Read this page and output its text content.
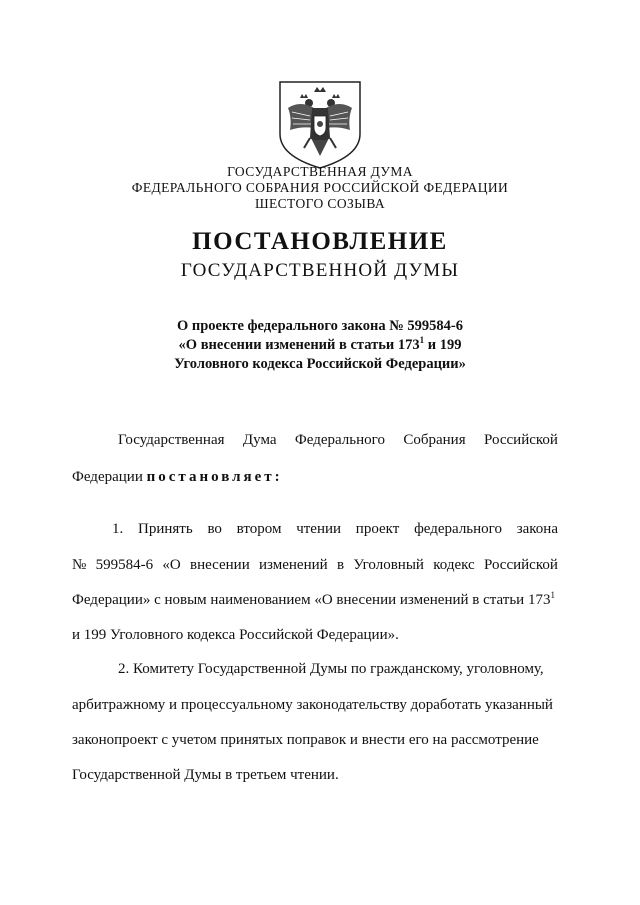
ГОСУДАРСТВЕННАЯ ДУМА
ФЕДЕРАЛЬНОГО СОБРАНИЯ РОССИЙСКОЙ ФЕДЕРАЦИИ
ШЕСТОГО СОЗЫВА
ПОСТАНОВЛЕНИЕ
ГОСУДАРСТВЕННОЙ ДУМЫ
О проекте федерального закона № 599584-6
«О внесении изменений в статьи $173^1$ и 199
Уголовного кодекса Российской Федерации»
Государственная Дума Федерального Собрания Российской
Федерации постановляет:
1. Принять во втором чтении проект федерального закона
№ 599584-6 «О внесении изменений в Уголовный кодекс Российской
Федерации» с новым наименованием «О внесении изменений в статьи $173^1$
и 199 Уголовного кодекса Российской Федерации».
2. Комитету Государственной Думы по гражданскому, уголовному,
арбитражному и процессуальному законодательству доработать указанный
законопроект с учетом принятых поправок и внести его на рассмотрение
Государственной Думы в третьем чтении.
